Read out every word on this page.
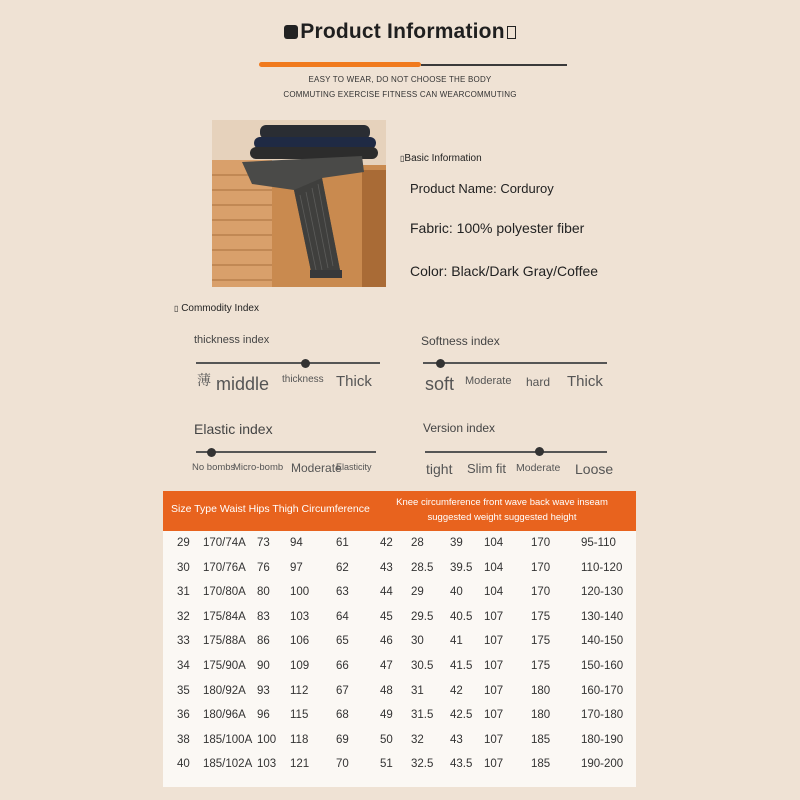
Product Information
EASY TO WEAR, DO NOT CHOOSE THE BODY
COMMUTING EXERCISE FITNESS CAN WEARCOMMUTING
▯Basic Information
Product Name: Corduroy
Fabric: 100% polyester fiber
Color: Black/Dark Gray/Coffee
▯ Commodity Index
thickness index
薄 middle thickness Thick
Softness index
soft Moderate hard Thick
Elastic index
No bombs
Micro-bomb Moderate
Elasticity
Version index
tight Slim fit Moderate Loose
Size Type Waist Hips Thigh Circumference
Knee circumference front wave back wave inseam
suggested weight suggested height
29 170/74A 73 94	61	42 28 39 104 170	95-110
30 170/76A 76 97	62	43 28.5 39.5 104 170	110-120
31 170/80A 80 100 63	44 29 40 104 170	120-130
32 175/84A 83 103 64	45 29.5 40.5 107 175	130-140
33 175/88A 86 106 65	46 30 41 107 175	140-150
34 175/90A 90 109 66	47 30.5 41.5 107 175	150-160
35 180/92A 93 112 67	48 31 42 107 180	160-170
36 180/96A 96 115 68	49 31.5 42.5 107 180	170-180
38 185/100A 100 118 69	50 32 43 107 185	180-190
40 185/102A 103 121 70	51 32.5 43.5 107 185	190-200
